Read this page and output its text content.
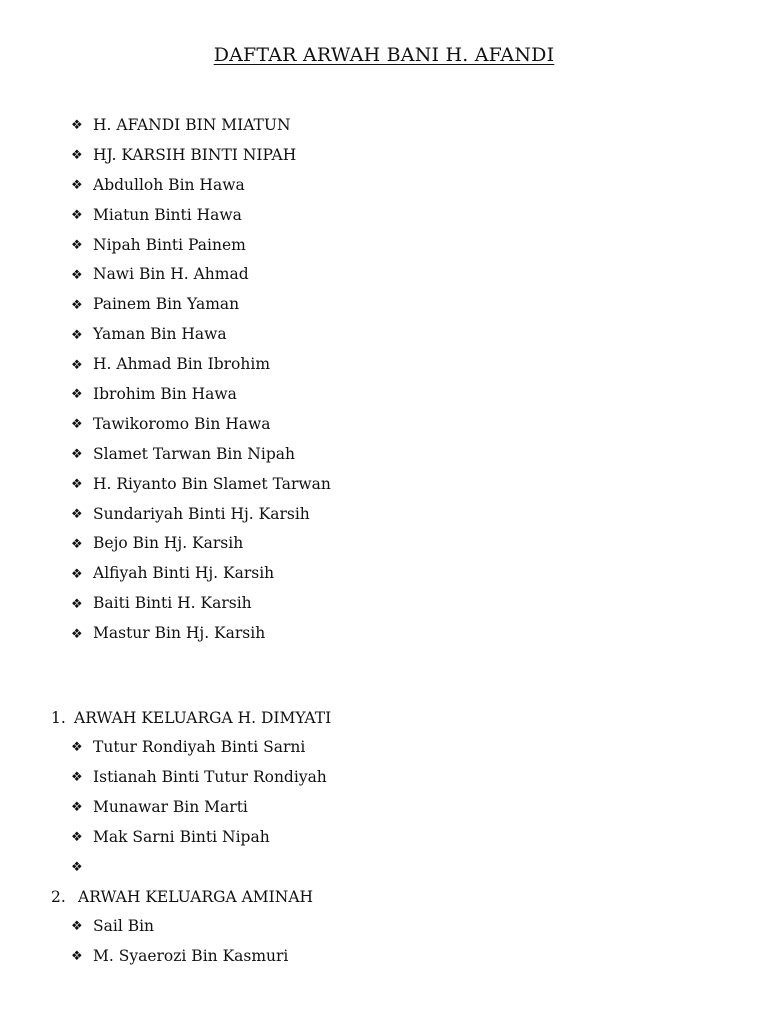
DAFTAR ARWAH BANI H. AFANDI
❖ H. AFANDI BIN MIATUN
❖ HJ. KARSIH BINTI NIPAH
❖ Abdulloh Bin Hawa
❖ Miatun Binti Hawa
❖ Nipah Binti Painem
❖ Nawi Bin H. Ahmad
❖ Painem Bin Yaman
❖ Yaman Bin Hawa
❖ H. Ahmad Bin Ibrohim
❖ Ibrohim Bin Hawa
❖ Tawikoromo Bin Hawa
❖ Slamet Tarwan Bin Nipah
❖ H. Riyanto Bin Slamet Tarwan
❖ Sundariyah Binti Hj. Karsih
❖ Bejo Bin Hj. Karsih
❖ Alfiyah Binti Hj. Karsih
❖ Baiti Binti H. Karsih
❖ Mastur Bin Hj. Karsih
1. ARWAH KELUARGA H. DIMYATI
❖ Tutur Rondiyah Binti Sarni
❖ Istianah Binti Tutur Rondiyah
❖ Munawar Bin Marti
❖ Mak Sarni Binti Nipah
❖
2. ARWAH KELUARGA AMINAH
❖ Sail Bin
❖ M. Syaerozi Bin Kasmuri
